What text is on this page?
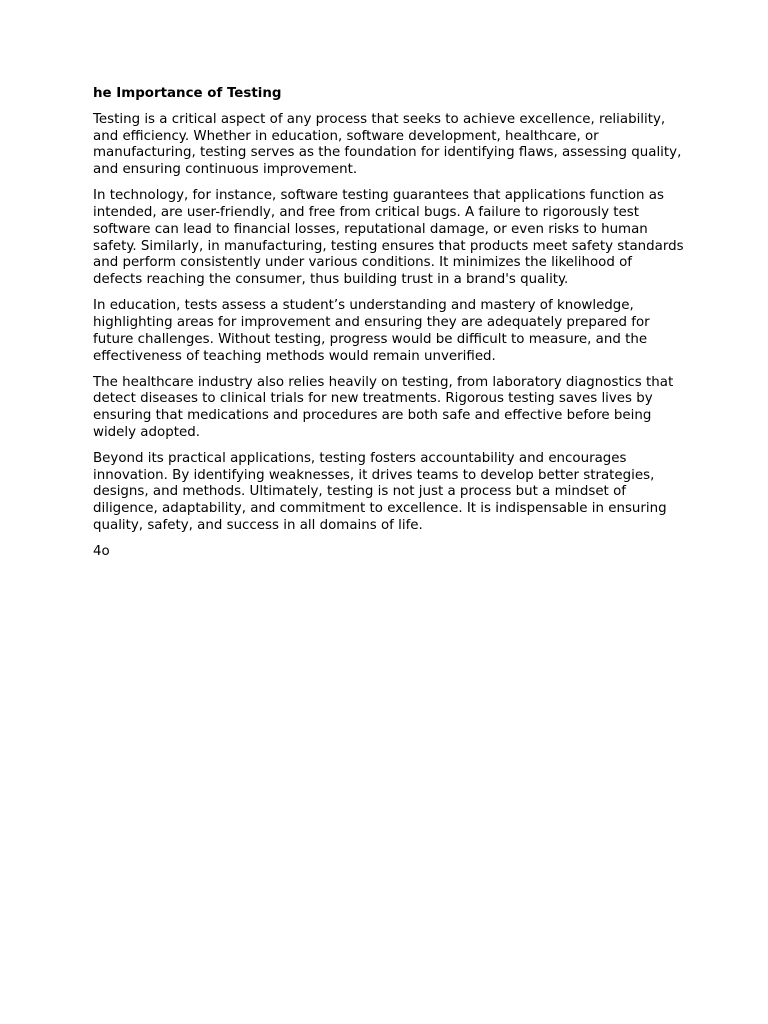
he Importance of Testing

Testing is a critical aspect of any process that seeks to achieve excellence, reliability, and efficiency. Whether in education, software development, healthcare, or manufacturing, testing serves as the foundation for identifying flaws, assessing quality, and ensuring continuous improvement.

In technology, for instance, software testing guarantees that applications function as intended, are user-friendly, and free from critical bugs. A failure to rigorously test software can lead to financial losses, reputational damage, or even risks to human safety. Similarly, in manufacturing, testing ensures that products meet safety standards and perform consistently under various conditions. It minimizes the likelihood of defects reaching the consumer, thus building trust in a brand's quality.

In education, tests assess a student’s understanding and mastery of knowledge, highlighting areas for improvement and ensuring they are adequately prepared for future challenges. Without testing, progress would be difficult to measure, and the effectiveness of teaching methods would remain unverified.

The healthcare industry also relies heavily on testing, from laboratory diagnostics that detect diseases to clinical trials for new treatments. Rigorous testing saves lives by ensuring that medications and procedures are both safe and effective before being widely adopted.

Beyond its practical applications, testing fosters accountability and encourages innovation. By identifying weaknesses, it drives teams to develop better strategies, designs, and methods. Ultimately, testing is not just a process but a mindset of diligence, adaptability, and commitment to excellence. It is indispensable in ensuring quality, safety, and success in all domains of life.

4o
